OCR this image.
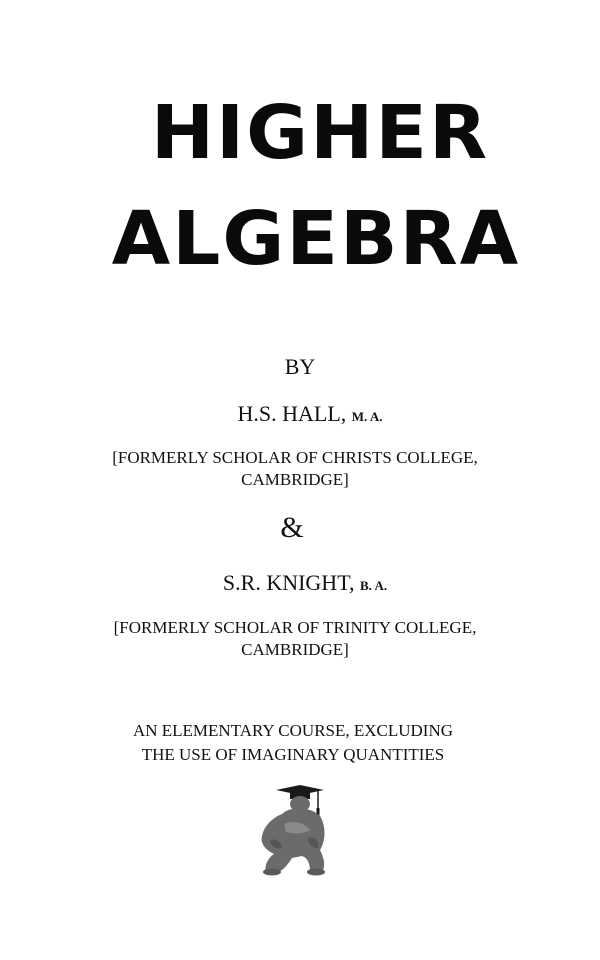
HIGHER
ALGEBRA
BY
H.S. HALL, M. A.
[FORMERLY SCHOLAR OF CHRISTS COLLEGE,
CAMBRIDGE]
&
S.R. KNIGHT, B. A.
[FORMERLY SCHOLAR OF TRINITY COLLEGE,
CAMBRIDGE]
AN ELEMENTARY COURSE, EXCLUDING
THE USE OF IMAGINARY QUANTITIES
